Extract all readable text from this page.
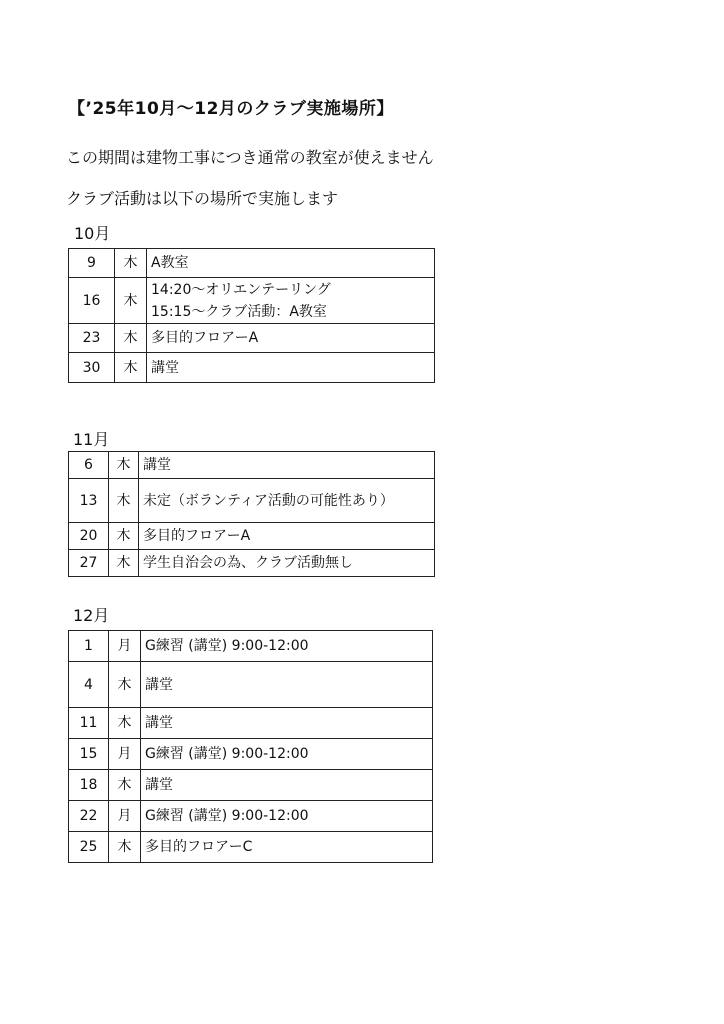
【’25年10月〜12月のクラブ実施場所】
この期間は建物工事につき通常の教室が使えません
クラブ活動は以下の場所で実施します
10月
9	木	A教室
16	木	14:20〜オリエンテーリング
15:15〜クラブ活動：A教室

23	木	多目的フロアーA
30	木	講堂
11月
6	木	講堂
13	木	未定（ボランティア活動の可能性あり）
20	木	多目的フロアーA
27	木	学生自治会の為、クラブ活動無し
12月
1	月	G練習 (講堂) 9:00-12:00
4	木	講堂
11	木	講堂
15	月	G練習 (講堂) 9:00-12:00
18	木	講堂
22	月	G練習 (講堂) 9:00-12:00
25	木	多目的フロアーC
